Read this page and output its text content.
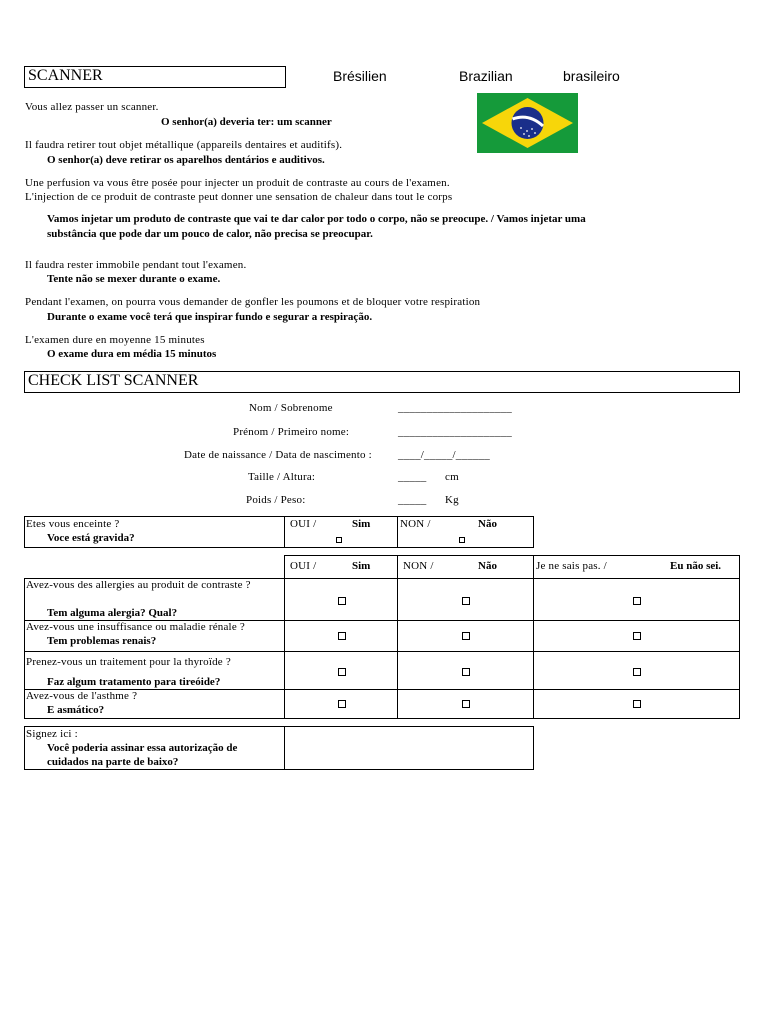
SCANNER	Brésilien	Brazilian	brasileiro
Vous allez passer un scanner.
O senhor(a) deveria ter: um scanner
Il faudra retirer tout objet métallique (appareils dentaires et auditifs).
O senhor(a) deve retirar os aparelhos dentários e auditivos.
Une perfusion va vous être posée pour injecter un produit de contraste au cours de l'examen.
L'injection de ce produit de contraste peut donner une sensation de chaleur dans tout le corps
Vamos injetar um produto de contraste que vai te dar calor por todo o corpo, não se preocupe. / Vamos injetar uma
substância que pode dar um pouco de calor, não precisa se preocupar.
Il faudra rester immobile pendant tout l'examen.
Tente não se mexer durante o exame.
Pendant l'examen, on pourra vous demander de gonfler les poumons et de bloquer votre respiration
Durante o exame você terá que inspirar fundo e segurar a respiração.
L'examen dure en moyenne 15 minutes
O exame dura em média 15 minutos
CHECK LIST SCANNER
Nom / Sobrenome	____________________
Prénom / Primeiro nome:	____________________
Date de naissance / Data de nascimento : ____/_____/______
Taille / Altura:	_____ cm
Poids / Peso:	_____ Kg
Etes vous enceinte ?
Voce está gravida?
OUI /	Sim	NON /	Não
OUI /	Sim	NON /	Não	Je ne sais pas. /	Eu não sei.
Avez-vous des allergies au produit de contraste ?
Tem alguma alergia? Qual?
Avez-vous une insuffisance ou maladie rénale ?
Tem problemas renais?
Prenez-vous un traitement pour la thyroïde ?
Faz algum tratamento para tireóide?
Avez-vous de l'asthme ?
E asmático?
Signez ici :
Você poderia assinar essa autorização de
cuidados na parte de baixo?
